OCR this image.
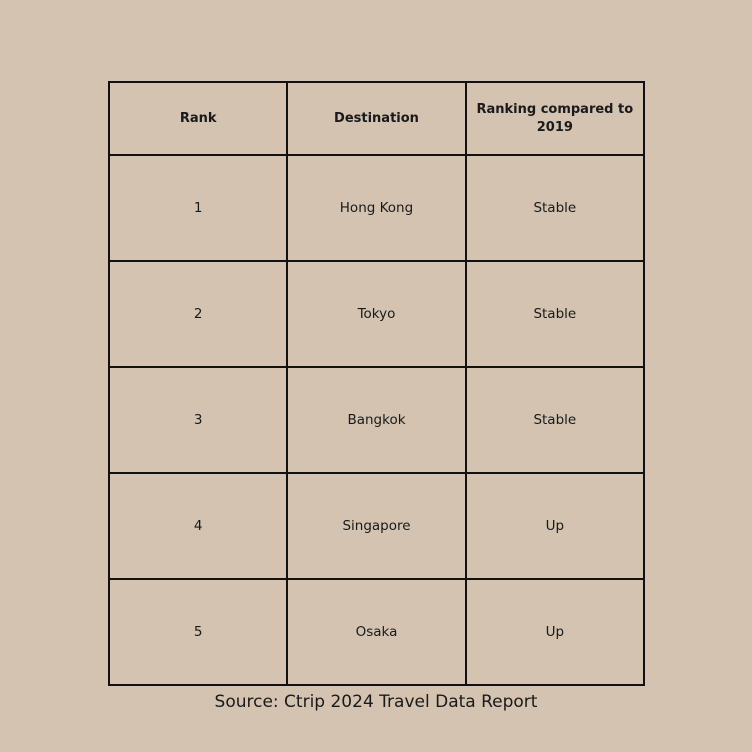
Rank	Destination	Ranking compared to 2019
1	Hong Kong	Stable
2	Tokyo	Stable
3	Bangkok	Stable
4	Singapore	Up
5	Osaka	Up
Source: Ctrip 2024 Travel Data Report
